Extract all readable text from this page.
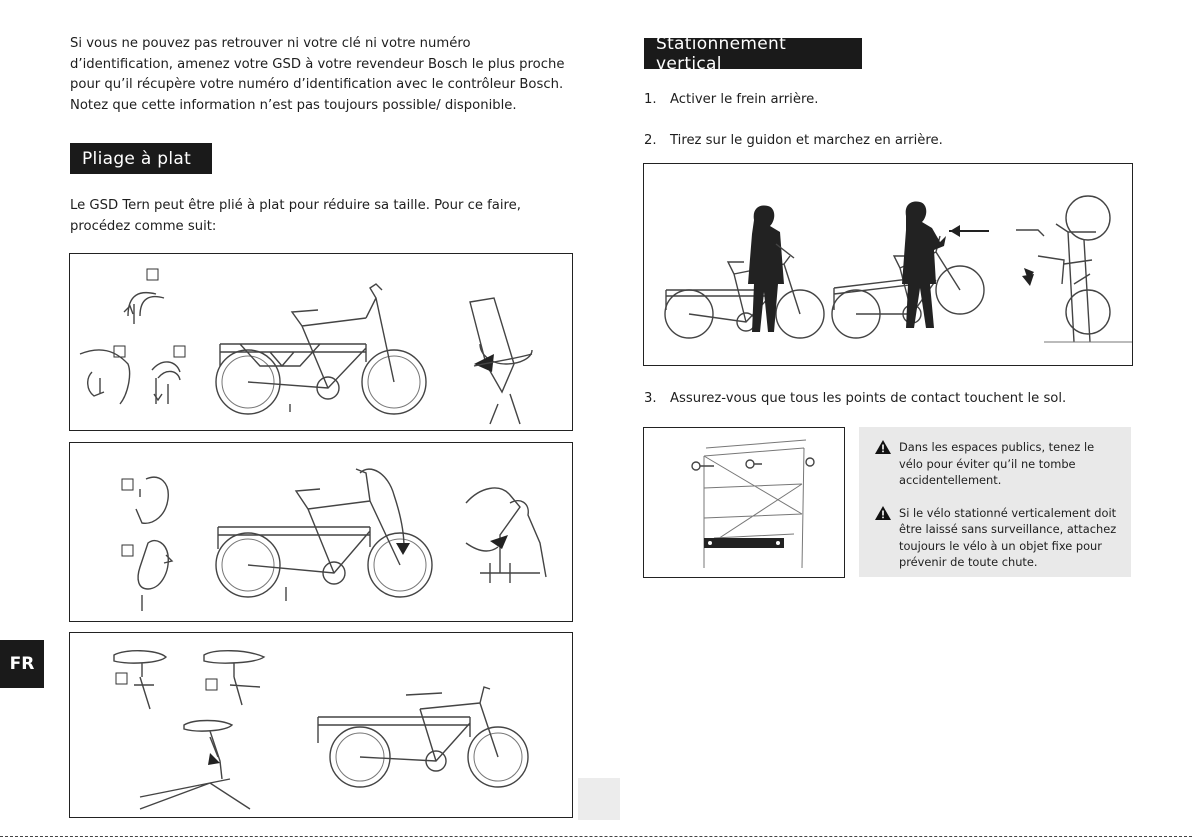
Si vous ne pouvez pas retrouver ni votre clé ni votre numéro d’identification, amenez votre GSD à votre revendeur Bosch le plus proche pour qu’il récupère votre numéro d’identification avec le contrôleur Bosch. Notez que cette information n’est pas toujours possible/ disponible.
Pliage à plat
Le GSD Tern peut être plié à plat pour réduire sa taille. Pour ce faire, procédez comme suit:
FR
Stationnement vertical
1. Activer le frein arrière.
2. Tirez sur le guidon et marchez en arrière.
3. Assurez-vous que tous les points de contact touchent le sol.
Dans les espaces publics, tenez le vélo pour éviter qu’il ne tombe accidentellement.
Si le vélo stationné verticalement doit être laissé sans surveillance, attachez toujours le vélo à un objet fixe pour prévenir de toute chute.
